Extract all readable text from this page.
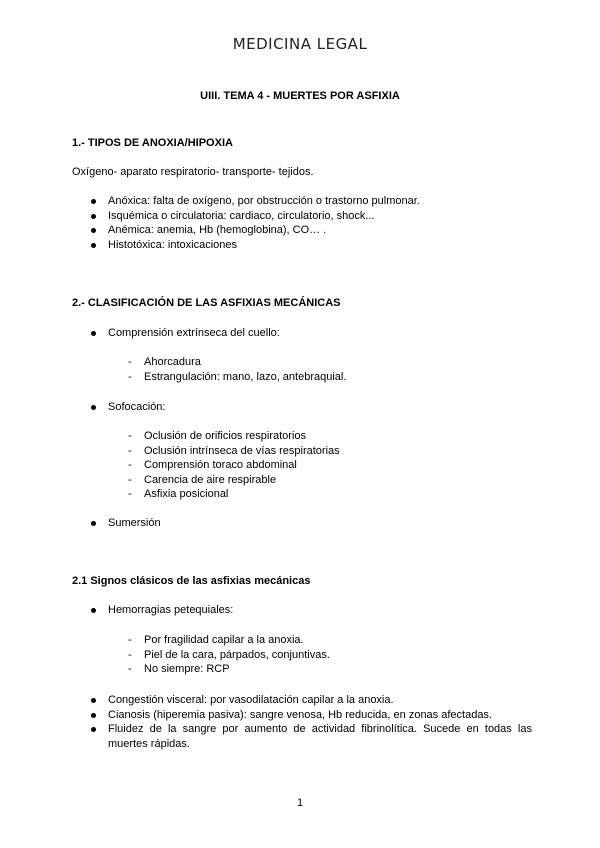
MEDICINA LEGAL
UIII. TEMA 4 - MUERTES POR ASFIXIA
1.- TIPOS DE ANOXIA/HIPOXIA
Oxígeno- aparato respiratorio- transporte- tejidos.
Anóxica: falta de oxígeno, por obstrucción o trastorno pulmonar.
Isquémica o circulatoria: cardiaco, circulatorio, shock...
Anémica: anemia, Hb (hemoglobina), CO… .
Histotóxica: intoxicaciones
2.- CLASIFICACIÓN DE LAS ASFIXIAS MECÁNICAS
Comprensión extrínseca del cuello:
- Ahorcadura
- Estrangulación: mano, lazo, antebraquial.
Sofocación:
- Oclusión de orificios respiratorios
- Oclusión intrínseca de vías respiratorias
- Comprensión toraco abdominal
- Carencia de aire respirable
- Asfixia posicional
Sumersión
2.1 Signos clásicos de las asfixias mecánicas
Hemorragias petequiales:
- Por fragilidad capilar a la anoxia.
- Piel de la cara, párpados, conjuntivas.
- No siempre: RCP
Congestión visceral: por vasodilatación capilar a la anoxia.
Cianosis (hiperemia pasiva): sangre venosa, Hb reducida, en zonas afectadas.
Fluidez de la sangre por aumento de actividad fibrinolítica. Sucede en todas las muertes rápidas.
1
